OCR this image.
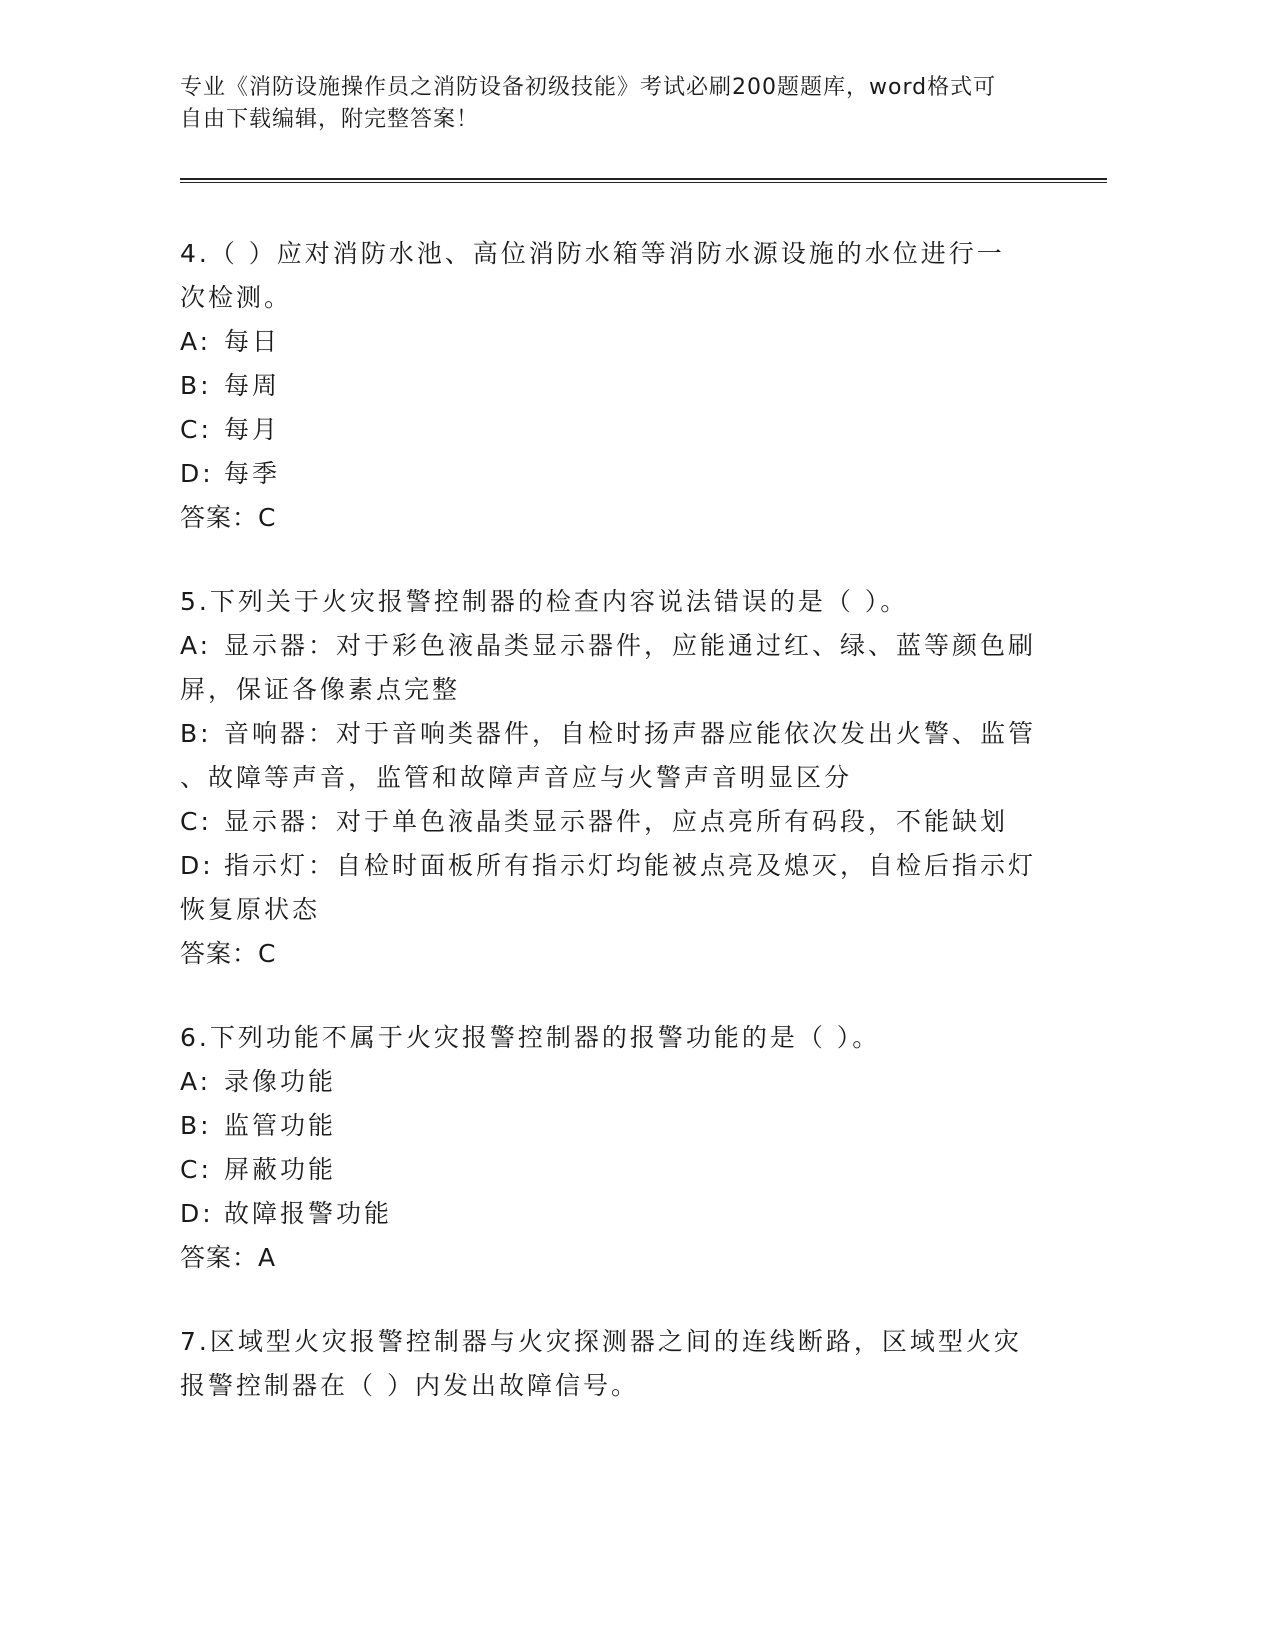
专业《消防设施操作员之消防设备初级技能》考试必刷200题题库，word格式可
自由下载编辑，附完整答案！
4.（ ）应对消防水池、高位消防水箱等消防水源设施的水位进行一
次检测。
A: 每日
B: 每周
C: 每月
D: 每季
答案：C
5.下列关于火灾报警控制器的检查内容说法错误的是（ ）。
A: 显示器：对于彩色液晶类显示器件，应能通过红、绿、蓝等颜色刷
屏，保证各像素点完整
B: 音响器：对于音响类器件，自检时扬声器应能依次发出火警、监管
、故障等声音，监管和故障声音应与火警声音明显区分
C: 显示器：对于单色液晶类显示器件，应点亮所有码段，不能缺划
D: 指示灯：自检时面板所有指示灯均能被点亮及熄灭，自检后指示灯
恢复原状态
答案：C
6.下列功能不属于火灾报警控制器的报警功能的是（ ）。
A: 录像功能
B: 监管功能
C: 屏蔽功能
D: 故障报警功能
答案：A
7.区域型火灾报警控制器与火灾探测器之间的连线断路，区域型火灾
报警控制器在（ ）内发出故障信号。
